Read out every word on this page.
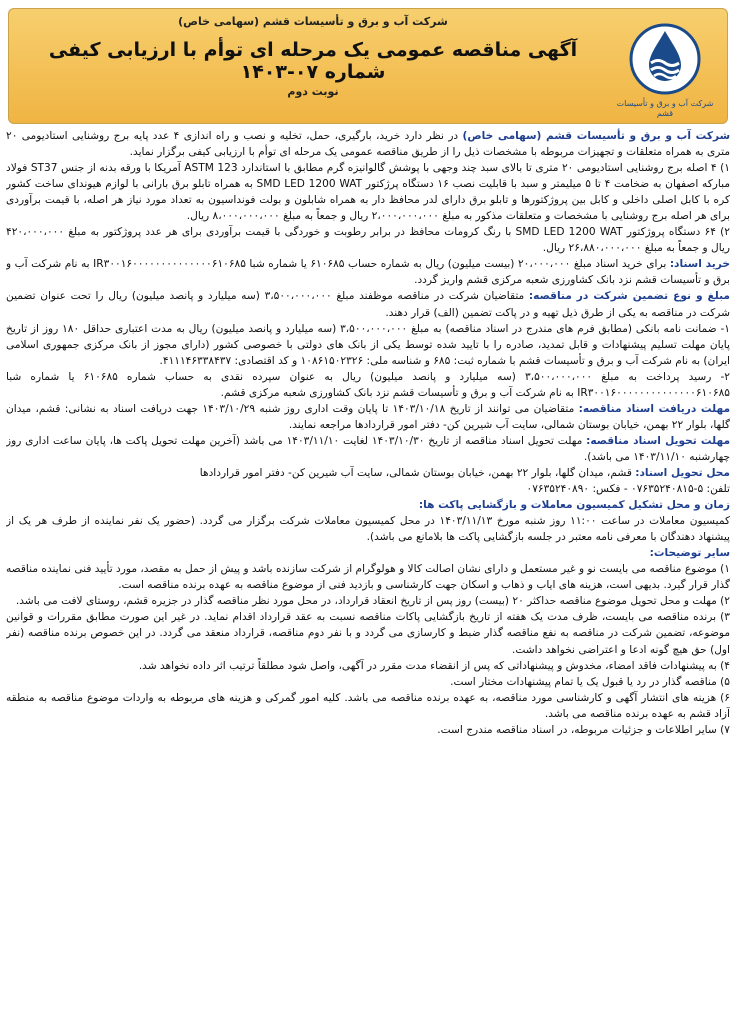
شرکت آب و برق و تأسیسات قشم
شرکت آب و برق و تأسیسات قشم (سهامی خاص)
آگهی مناقصه عمومی یک مرحله ای توأم با ارزیابی کیفی شماره ۰۷-۱۴۰۳
نوبت دوم

شرکت آب و برق و تأسیسات قشم (سهامی خاص) در نظر دارد خرید، بارگیری، حمل، تخلیه و نصب و راه اندازی ۴ عدد پایه برج روشنایی استادیومی ۲۰ متری به همراه متعلقات و تجهیزات مربوطه با مشخصات ذیل را از طریق مناقصه عمومی یک مرحله ای توأم با ارزیابی کیفی برگزار نماید.

۱) ۴ اصله برج روشنایی استادیومی ۲۰ متری تا بالای سبد چند وجهی با پوشش گالوانیزه گرم مطابق با استاندارد ASTM 123 آمریکا با ورقه بدنه از جنس ST37 فولاد مبارکه اصفهان به ضخامت ۴ تا ۵ میلیمتر و سبد با قابلیت نصب ۱۶ دستگاه پرژکتور SMD LED 1200 WAT به همراه تابلو برق بارانی با لوازم هیوندای ساخت کشور کره با کابل اصلی داخلی و کابل بین پروژکتورها و تابلو برق دارای لدر محافظ دار به همراه شابلون و بولت فونداسیون به تعداد مورد نیاز هر اصله، با قیمت برآوردی برای هر اصله برج روشنایی با مشخصات و متعلقات مذکور به مبلغ ۲،۰۰۰،۰۰۰،۰۰۰ ریال و جمعاً به مبلغ ۸،۰۰۰،۰۰۰،۰۰۰ ریال.

۲) ۶۴ دستگاه پروژکتور SMD LED 1200 WAT با رنگ کرومات محافظ در برابر رطوبت و خوردگی با قیمت برآوردی برای هر عدد پروژکتور به مبلغ ۴۲۰،۰۰۰،۰۰۰ ریال و جمعاً به مبلغ ۲۶،۸۸۰،۰۰۰،۰۰۰ ریال.

خرید اسناد: برای خرید اسناد مبلغ ۲۰،۰۰۰،۰۰۰ (بیست میلیون) ریال به شماره حساب ۶۱۰۶۸۵ یا شماره شبا IR۳۰۰۱۶۰۰۰۰۰۰۰۰۰۰۰۰۰۰۶۱۰۶۸۵ به نام شرکت آب و برق و تأسیسات قشم نزد بانک کشاورزی شعبه مرکزی قشم واریز گردد.

مبلغ و نوع تضمین شرکت در مناقصه: متقاضیان شرکت در مناقصه موظفند مبلغ ۳،۵۰۰،۰۰۰،۰۰۰ (سه میلیارد و پانصد میلیون) ریال را تحت عنوان تضمین شرکت در مناقصه به یکی از طرق ذیل تهیه و در پاکت تضمین (الف) قرار دهند.

۱- ضمانت نامه بانکی (مطابق فرم های مندرج در اسناد مناقصه) به مبلغ ۳،۵۰۰،۰۰۰،۰۰۰ (سه میلیارد و پانصد میلیون) ریال به مدت اعتباری حداقل ۱۸۰ روز از تاریخ پایان مهلت تسلیم پیشنهادات و قابل تمدید، صادره را با تایید شده توسط یکی از بانک های دولتی با خصوصی کشور (دارای مجوز از بانک مرکزی جمهوری اسلامی ایران) به نام شرکت آب و برق و تأسیسات قشم با شماره ثبت: ۶۸۵ و شناسه ملی: ۱۰۸۶۱۵۰۲۳۲۶ و کد اقتصادی: ۴۱۱۱۴۶۳۳۸۴۳۷.

۲- رسید پرداخت به مبلغ ۳،۵۰۰،۰۰۰،۰۰۰ (سه میلیارد و پانصد میلیون) ریال به عنوان سپرده نقدی به حساب شماره ۶۱۰۶۸۵ یا شماره شبا IR۳۰۰۱۶۰۰۰۰۰۰۰۰۰۰۰۰۰۰۶۱۰۶۸۵ به نام شرکت آب و برق و تأسیسات قشم نزد بانک کشاورزی شعبه مرکزی قشم.

مهلت دریافت اسناد مناقصه: متقاضیان می توانند از تاریخ ۱۴۰۳/۱۰/۱۸ تا پایان وقت اداری روز شنبه ۱۴۰۳/۱۰/۲۹ جهت دریافت اسناد به نشانی: قشم، میدان گلها، بلوار ۲۲ بهمن، خیابان بوستان شمالی، سایت آب شیرین کن- دفتر امور قراردادها مراجعه نمایند.

مهلت تحویل اسناد مناقصه: مهلت تحویل اسناد مناقصه از تاریخ ۱۴۰۳/۱۰/۳۰ لغایت ۱۴۰۳/۱۱/۱۰ می باشد (آخرین مهلت تحویل پاکت ها، پایان ساعت اداری روز چهارشنبه ۱۴۰۳/۱۱/۱۰ می باشد).

محل تحویل اسناد: قشم، میدان گلها، بلوار ۲۲ بهمن، خیابان بوستان شمالی، سایت آب شیرین کن- دفتر امور قراردادها

تلفن: ۵-۰۷۶۳۵۲۴۰۸۱۵ - فکس: ۰۷۶۳۵۲۴۰۸۹۰

زمان و محل تشکیل کمیسیون معاملات و بازگشایی پاکت ها:

کمیسیون معاملات در ساعت ۱۱:۰۰ روز شنبه مورخ ۱۴۰۳/۱۱/۱۳ در محل کمیسیون معاملات شرکت برگزار می گردد. (حضور یک نفر نماینده از طرف هر یک از پیشنهاد دهندگان با معرفی نامه معتبر در جلسه بازگشایی پاکت ها بلامانع می باشد).

سایر توضیحات:

۱) موضوع مناقصه می بایست نو و غیر مستعمل و دارای نشان اصالت کالا و هولوگرام از شرکت سازنده باشد و پیش از حمل به مقصد، مورد تأیید فنی نماینده مناقصه گذار قرار گیرد. بدیهی است، هزینه های ایاب و ذهاب و اسکان جهت کارشناسی و بازدید فنی از موضوع مناقصه به عهده برنده مناقصه است.

۲) مهلت و محل تحویل موضوع مناقصه حداکثر ۲۰ (بیست) روز پس از تاریخ انعقاد قرارداد، در محل مورد نظر مناقصه گذار در جزیره قشم، روستای لافت می باشد.

۳) برنده مناقصه می بایست، ظرف مدت یک هفته از تاریخ بازگشایی پاکات مناقصه نسبت به عقد قرارداد اقدام نماید. در غیر این صورت مطابق مقررات و قوانین موضوعه، تضمین شرکت در مناقصه به نفع مناقصه گذار ضبط و کارسازی می گردد و با نفر دوم مناقصه، قرارداد منعقد می گردد. در این خصوص برنده مناقصه (نفر اول) حق هیچ گونه ادعا و اعتراضی نخواهد داشت.

۴) به پیشنهادات فاقد امضاء، مخدوش و پیشنهاداتی که پس از انقضاء مدت مقرر در آگهی، واصل شود مطلقاً ترتیب اثر داده نخواهد شد.

۵) مناقصه گذار در رد یا قبول یک یا تمام پیشنهادات مختار است.

۶) هزینه های انتشار آگهی و کارشناسی مورد مناقصه، به عهده برنده مناقصه می باشد. کلیه امور گمرکی و هزینه های مربوطه به واردات موضوع مناقصه به منطقه آزاد قشم به عهده برنده مناقصه می باشد.

۷) سایر اطلاعات و جزئیات مربوطه، در اسناد مناقصه مندرج است.
